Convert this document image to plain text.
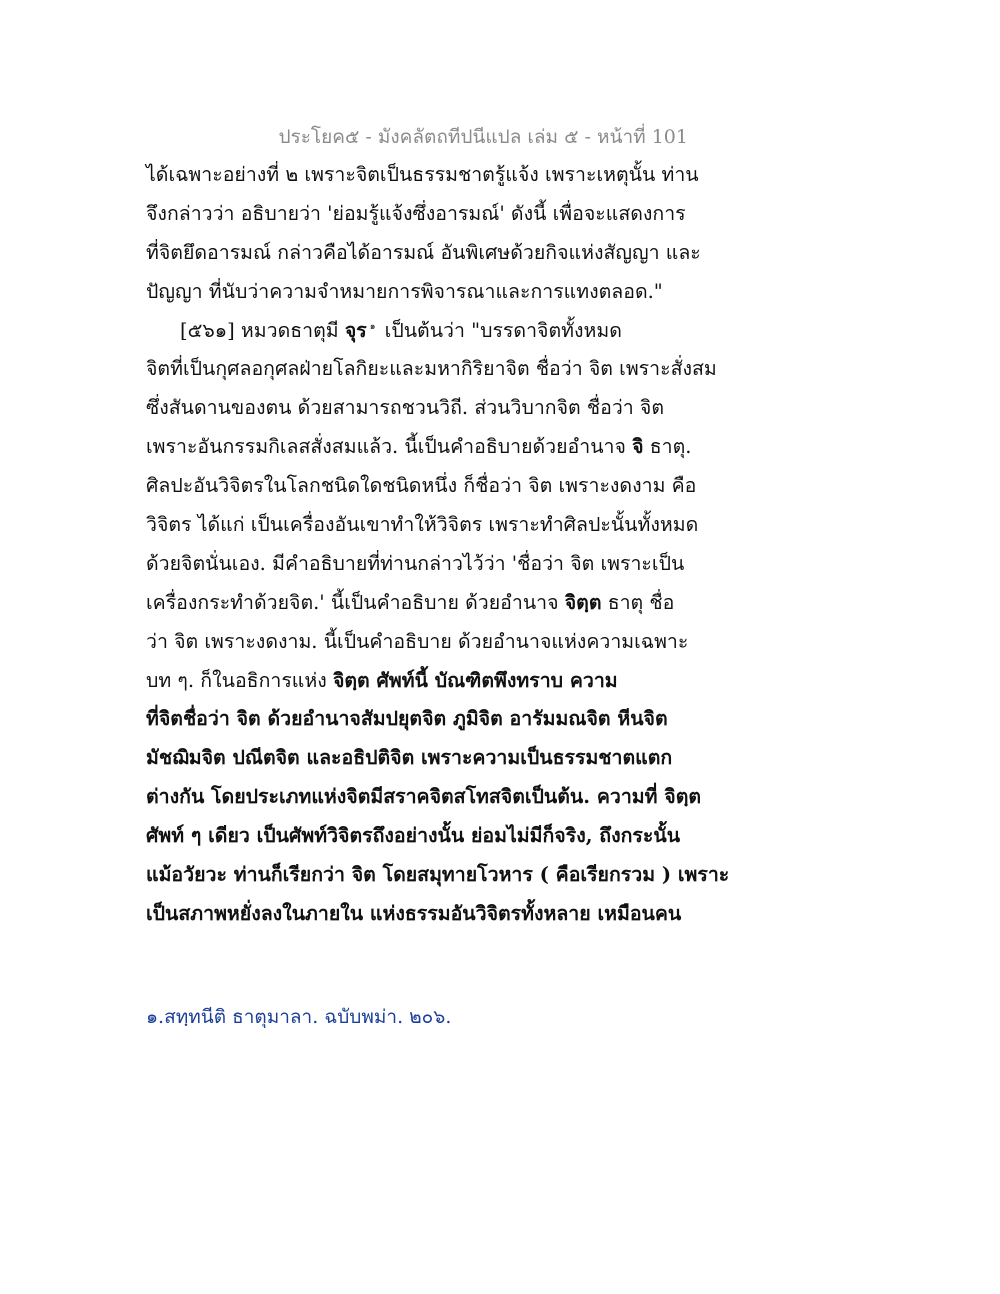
ประโยค๕ - มังคลัตถทีปนีแปล เล่ม ๕ - หน้าที่ 101
ได้เฉพาะอย่างที่ ๒ เพราะจิตเป็นธรรมชาตรู้แจ้ง เพราะเหตุนั้น ท่าน
จึงกล่าวว่า อธิบายว่า 'ย่อมรู้แจ้งซึ่งอารมณ์' ดังนี้ เพื่อจะแสดงการ
ที่จิตยึดอารมณ์ กล่าวคือได้อารมณ์ อันพิเศษด้วยกิจแห่งสัญญา และ
ปัญญา ที่นับว่าความจำหมายการพิจารณาและการแทงตลอด."
[๕๖๑] หมวดธาตุมี จุร $^๑$ เป็นต้นว่า "บรรดาจิตทั้งหมด
จิตที่เป็นกุศลอกุศลฝ่ายโลกิยะและมหากิริยาจิต ชื่อว่า จิต เพราะสั่งสม
ซึ่งสันดานของตน ด้วยสามารถชวนวิถี. ส่วนวิบากจิต ชื่อว่า จิต
เพราะอันกรรมกิเลสสั่งสมแล้ว. นี้เป็นคำอธิบายด้วยอำนาจ จิ ธาตุ.
ศิลปะอันวิจิตรในโลกชนิดใดชนิดหนึ่ง ก็ชื่อว่า จิต เพราะงดงาม คือ
วิจิตร ได้แก่ เป็นเครื่องอันเขาทำให้วิจิตร เพราะทำศิลปะนั้นทั้งหมด
ด้วยจิตนั่นเอง. มีคำอธิบายที่ท่านกล่าวไว้ว่า 'ชื่อว่า จิต เพราะเป็น
เครื่องกระทำด้วยจิต.' นี้เป็นคำอธิบาย ด้วยอำนาจ จิตฺต ธาตุ ชื่อ
ว่า จิต เพราะงดงาม. นี้เป็นคำอธิบาย ด้วยอำนาจแห่งความเฉพาะ
บท ๆ. ก็ในอธิการแห่ง จิตฺต ศัพท์นี้ บัณฑิตพึงทราบ ความ
ที่จิตชื่อว่า จิต ด้วยอำนาจสัมปยุตจิต ภูมิจิต อารัมมณจิต หีนจิต
มัชฌิมจิต ปณีตจิต และอธิปติจิต เพราะความเป็นธรรมชาตแตก
ต่างกัน โดยประเภทแห่งจิตมีสราคจิตสโทสจิตเป็นต้น. ความที่ จิตฺต
ศัพท์ ๆ เดียว เป็นศัพท์วิจิตรถึงอย่างนั้น ย่อมไม่มีก็จริง, ถึงกระนั้น
แม้อวัยวะ ท่านก็เรียกว่า จิต โดยสมุทายโวหาร ( คือเรียกรวม ) เพราะ
เป็นสภาพหยั่งลงในภายใน แห่งธรรมอันวิจิตรทั้งหลาย เหมือนคน
๑.สทฺทนีติ ธาตุมาลา. ฉบับพม่า. ๒๐๖.
